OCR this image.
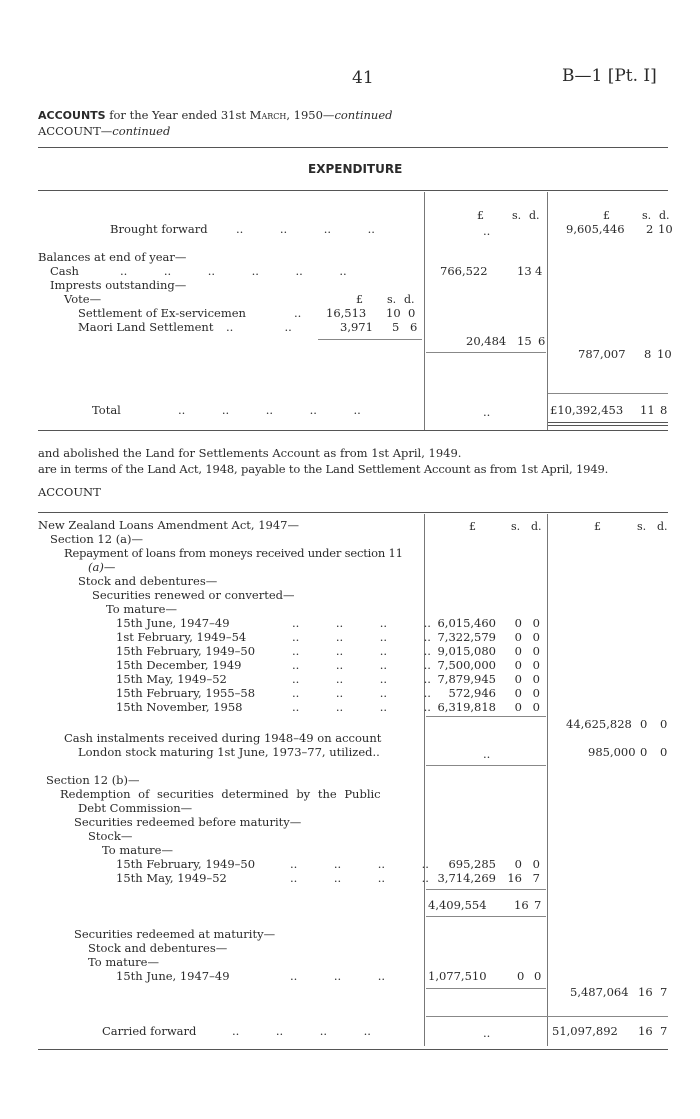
41	B—1 [Pt. I]
ACCOUNTS for the Year ended 31st March, 1950—continued
ACCOUNT—continued
EXPENDITURE
£	s. d.	£	s. d.
Brought forward ..          ..          ..          ..	..	9,605,446 2 10
Balances at end of year—
Cash	..          ..          ..          ..          ..          ..	766,522	13 4
Imprests outstanding—
Vote—	£ s. d.
Settlement of Ex-servicemen	.. 16,513 10 0
Maori Land Settlement ..              ..	3,971 5 6
20,484 15 6
787,007 8 10
Total	..          ..          ..          ..          ..	..	£10,392,453 11 8
and abolished the Land for Settlements Account as from 1st April, 1949.
are in terms of the Land Act, 1948, payable to the Land Settlement Account as from 1st April, 1949.
ACCOUNT
£	s. d.	£	s. d.
New Zealand Loans Amendment Act, 1947—
Section 12 (a)—
Repayment of loans from moneys received under section 11
(a)—
Stock and debentures—
Securities renewed or converted—
To mature—
15th June, 1947–49	..          ..          ..          .. 6,015,460	0 0
1st February, 1949–54	..          ..          ..          .. 7,322,579	0 0
15th February, 1949–50	..          ..          ..          .. 9,015,080	0 0
15th December, 1949	..          ..          ..          .. 7,500,000	0 0
15th May, 1949–52	..          ..          ..          .. 7,879,945	0 0
15th February, 1955–58	..          ..          ..          ..	572,946	0 0
15th November, 1958	..          ..          ..          .. 6,319,818	0 0
44,625,828 0 0
Cash instalments received during 1948–49 on account
London stock maturing 1st June, 1973–77, utilized..	..	985,000 0 0
Section 12 (b)—
Redemption of securities determined by the Public
Debt Commission—
Securities redeemed before maturity—
Stock—
To mature—
15th February, 1949–50	..          ..          ..          ..	695,285	0 0
15th May, 1949–52	..          ..          ..          .. 3,714,269 16 7
4,409,554 16 7
Securities redeemed at maturity—
Stock and debentures—
To mature—
15th June, 1947–49	..          ..          ..	1,077,510	0 0
5,487,064 16 7
Carried forward	..          ..          ..          ..	..	51,097,892 16 7
